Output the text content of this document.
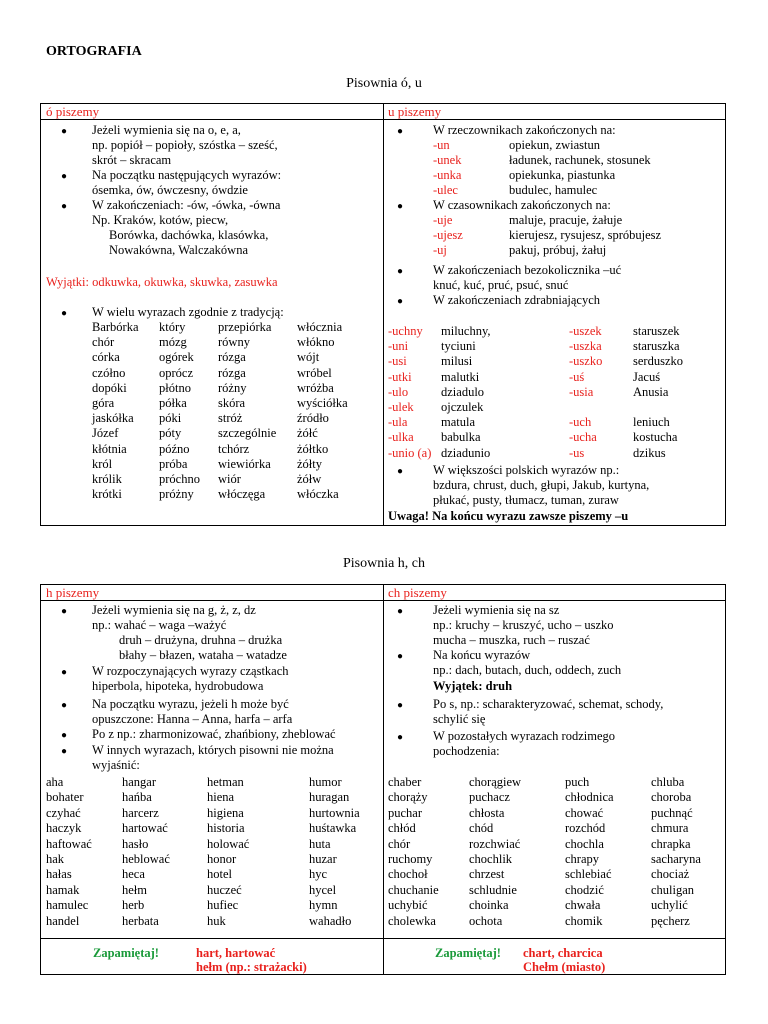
ORTOGRAFIA
Pisownia ó, u
ó piszemy
● Jeżeli wymienia się na o, e, a,
np. popiół – popioły, szóstka – sześć,
skrót – skracam
● Na początku następujących wyrazów:
ósemka, ów, ówczesny, ówdzie
● W zakończeniach: -ów, -ówka, -ówna
Np. Kraków, kotów, piecw,
Borówka, dachówka, klasówka,
Nowakówna, Walczakówna
Wyjątki: odkuwka, okuwka, skuwka, zasuwka
● W wielu wyrazach zgodnie z tradycją:
Barbórka który	przepiórka włócznia
chór	mózg równy	włókno
córka	ogórek rózga	wójt
czółno	oprócz rózga	wróbel
dopóki	płótno różny	wróżba
góra	półka skóra	wyściółka
jaskółka póki	stróż	źródło
Józef	póty	szczególnie żółć
kłótnia	późno tchórz	żółtko
król	próba wiewiórka żółty
królik	próchno wiór	żółw
krótki	próżny włóczęga	włóczka
u piszemy
● W rzeczownikach zakończonych na:
-un	opiekun, zwiastun
-unek	ładunek, rachunek, stosunek
-unka	opiekunka, piastunka
-ulec	budulec, hamulec
● W czasownikach zakończonych na:
-uje	maluje, pracuje, żałuje
-ujesz	kierujesz, rysujesz, spróbujesz
-uj	pakuj, próbuj, żałuj
● W zakończeniach bezokolicznika –uć
knuć, kuć, pruć, psuć, snuć
● W zakończeniach zdrabniających
-uchny miluchny,	-uszek	staruszek
-uni	tyciuni	-uszka	staruszka
-usi	milusi	-uszko serduszko
-utki malutki	-uś	Jacuś
-ulo	dziadulo	-usia	Anusia
-ulek ojczulek
-ula	matula	-uch	leniuch
-ulka babulka	-ucha	kostucha
-unio (a) dziadunio	-us	dzikus
● W większości polskich wyrazów np.:
bzdura, chrust, duch, głupi, Jakub, kurtyna,
płukać, pusty, tłumacz, tuman, zuraw
Uwaga! Na końcu wyrazu zawsze piszemy –u
Pisownia h, ch
h piszemy
● Jeżeli wymienia się na g, ż, z, dz
np.: wahać – waga –ważyć
druh – drużyna, druhna – drużka
błahy – błazen, wataha – watadze
● W rozpoczynających wyrazy cząstkach
hiperbola, hipoteka, hydrobudowa
● Na początku wyrazu, jeżeli h może być
opuszczone: Hanna – Anna, harfa – arfa
● Po z np.: zharmonizować, zhańbiony, zheblować
● W innych wyrazach, których pisowni nie można
wyjaśnić:
aha	hangar	hetman	humor
bohater	hańba	hiena	huragan
czyhać	harcerz	higiena	hurtownia
haczyk	hartować	historia	huśtawka
haftować hasło	holować	huta
hak	heblować	honor	huzar
hałas	heca	hotel	hyc
hamak	hełm	huczeć	hycel
hamulec	herb	hufiec	hymn
handel	herbata	huk	wahadło
Zapamiętaj!	hart, hartować
hełm (np.: strażacki)
ch piszemy
● Jeżeli wymienia się na sz
np.: kruchy – kruszyć, ucho – uszko
mucha – muszka, ruch – ruszać
● Na końcu wyrazów
np.: dach, butach, duch, oddech, zuch
Wyjątek: druh
● Po s, np.: scharakteryzować, schemat, schody,
schylić się
● W pozostałych wyrazach rodzimego
pochodzenia:
chaber	chorągiew	puch	chluba
chorąży	puchacz	chłodnica	choroba
puchar	chłosta	chować	puchnąć
chłód	chód	rozchód	chmura
chór	rozchwiać	chochla	chrapka
ruchomy	chochlik	chrapy	sacharyna
chochoł	chrzest	schlebiać	chociaż
chuchanie schludnie	chodzić	chuligan
uchybić	choinka	chwała	uchylić
cholewka	ochota	chomik	pęcherz
Zapamiętaj! chart, charcica
Chełm (miasto)
